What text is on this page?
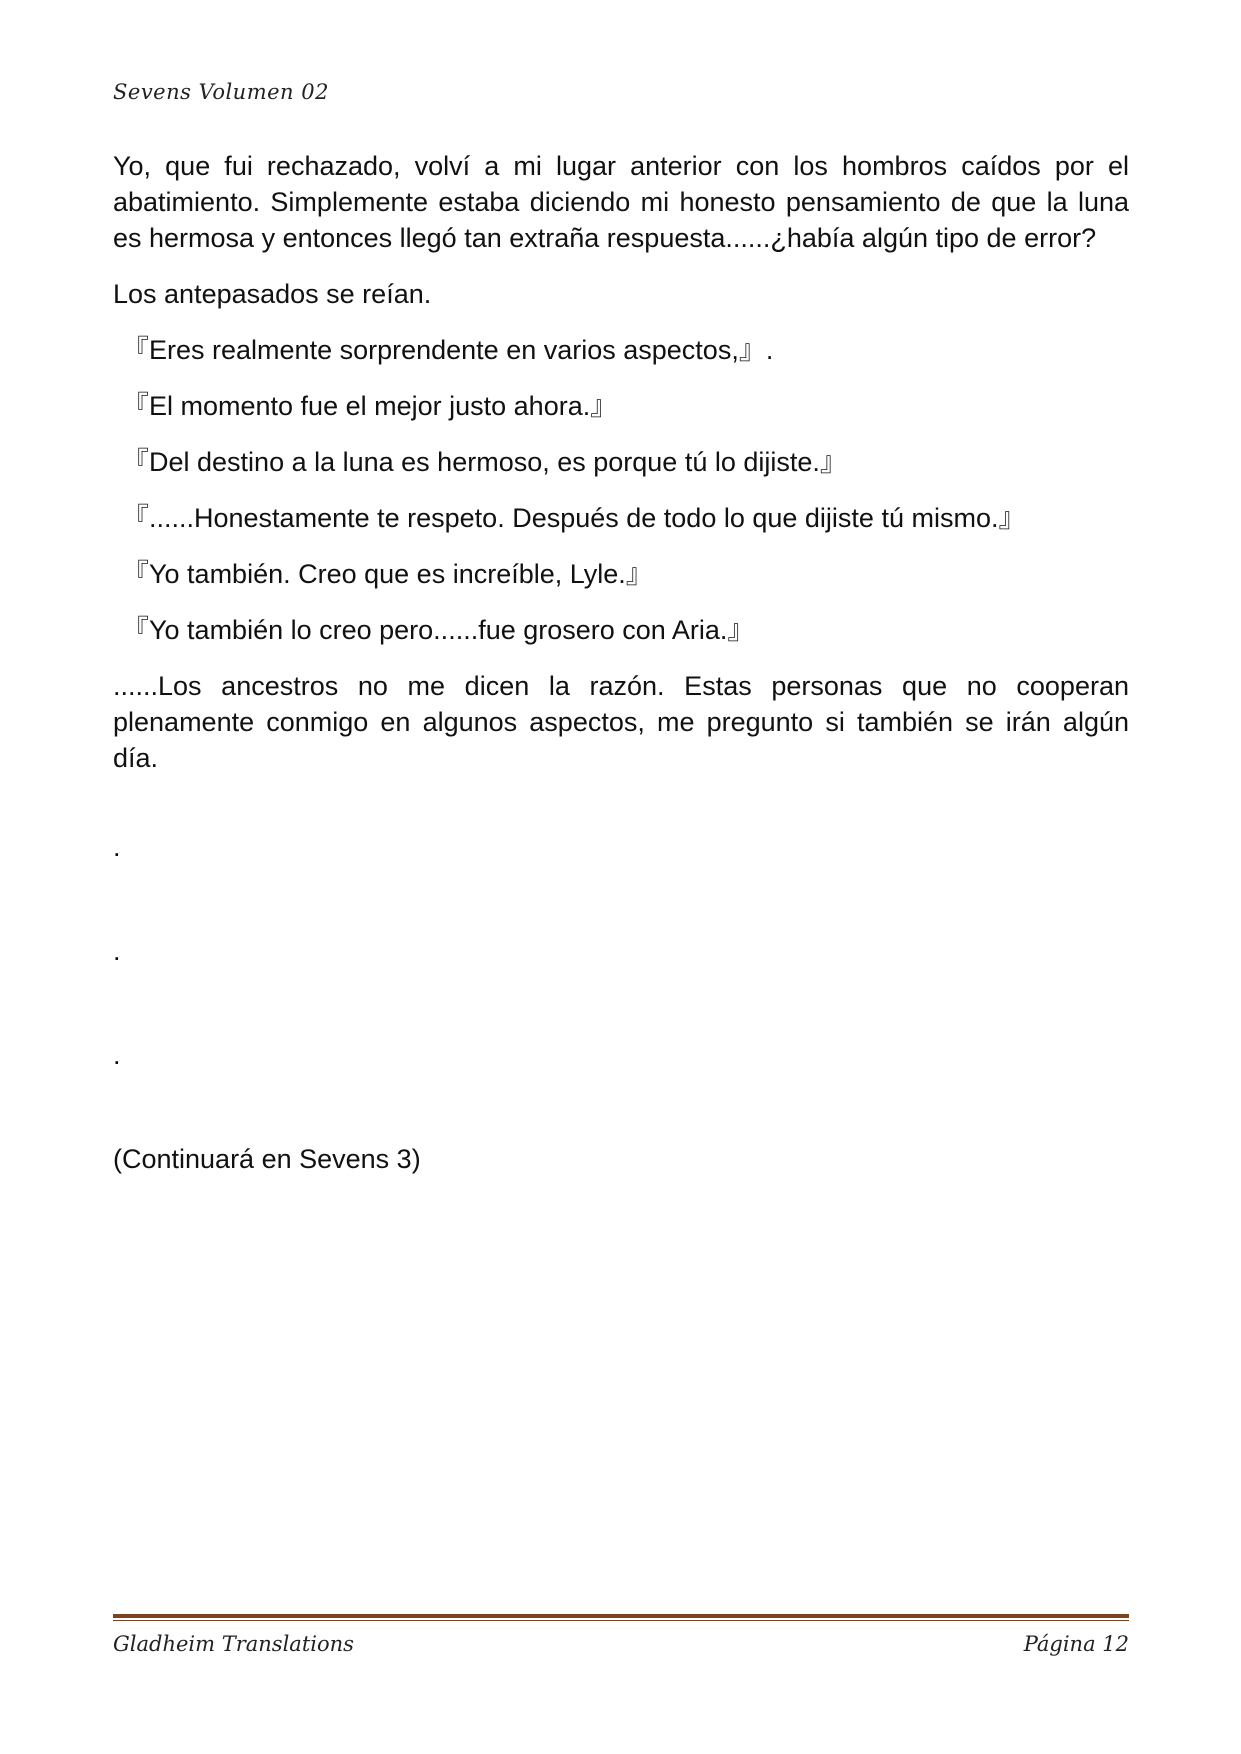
Sevens Volumen 02

Yo, que fui rechazado, volví a mi lugar anterior con los hombros caídos por el abatimiento. Simplemente estaba diciendo mi honesto pensamiento de que la luna es hermosa y entonces llegó tan extraña respuesta......¿había algún tipo de error?

Los antepasados se reían.

『Eres realmente sorprendente en varios aspectos,』.

『El momento fue el mejor justo ahora.』

『Del destino a la luna es hermoso, es porque tú lo dijiste.』

『......Honestamente te respeto. Después de todo lo que dijiste tú mismo.』

『Yo también. Creo que es increíble, Lyle.』

『Yo también lo creo pero......fue grosero con Aria.』

......Los ancestros no me dicen la razón. Estas personas que no cooperan plenamente conmigo en algunos aspectos, me pregunto si también se irán algún día.

.

.

.

(Continuará en Sevens 3)

Gladheim Translations	Página 12
